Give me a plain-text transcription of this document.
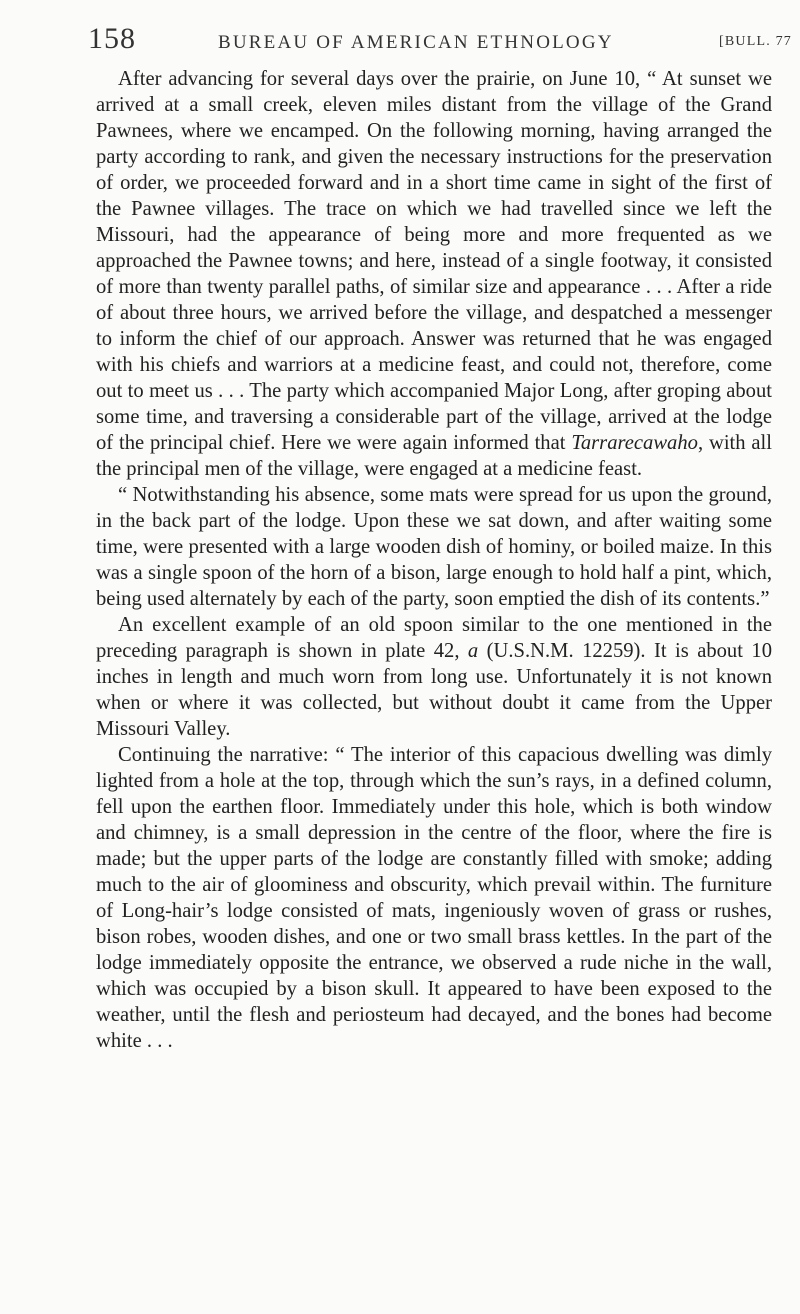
158	BUREAU OF AMERICAN ETHNOLOGY	[BULL. 77

After advancing for several days over the prairie, on June 10, “ At sunset we arrived at a small creek, eleven miles distant from the village of the Grand Pawnees, where we encamped. On the following morning, having arranged the party according to rank, and given the necessary instructions for the preservation of order, we proceeded forward and in a short time came in sight of the first of the Pawnee villages. The trace on which we had travelled since we left the Missouri, had the appearance of being more and more frequented as we approached the Pawnee towns; and here, instead of a single footway, it consisted of more than twenty parallel paths, of similar size and appearance . . . After a ride of about three hours, we arrived before the village, and despatched a messenger to inform the chief of our approach. Answer was returned that he was engaged with his chiefs and warriors at a medicine feast, and could not, therefore, come out to meet us . . . The party which accompanied Major Long, after groping about some time, and traversing a considerable part of the village, arrived at the lodge of the principal chief. Here we were again informed that Tarrarecawaho, with all the principal men of the village, were engaged at a medicine feast.

“ Notwithstanding his absence, some mats were spread for us upon the ground, in the back part of the lodge. Upon these we sat down, and after waiting some time, were presented with a large wooden dish of hominy, or boiled maize. In this was a single spoon of the horn of a bison, large enough to hold half a pint, which, being used alternately by each of the party, soon emptied the dish of its contents.”

An excellent example of an old spoon similar to the one mentioned in the preceding paragraph is shown in plate 42, a (U.S.N.M. 12259). It is about 10 inches in length and much worn from long use. Unfortunately it is not known when or where it was collected, but without doubt it came from the Upper Missouri Valley.

Continuing the narrative: “ The interior of this capacious dwelling was dimly lighted from a hole at the top, through which the sun’s rays, in a defined column, fell upon the earthen floor. Immediately under this hole, which is both window and chimney, is a small depression in the centre of the floor, where the fire is made; but the upper parts of the lodge are constantly filled with smoke; adding much to the air of gloominess and obscurity, which prevail within. The furniture of Long-hair’s lodge consisted of mats, ingeniously woven of grass or rushes, bison robes, wooden dishes, and one or two small brass kettles. In the part of the lodge immediately opposite the entrance, we observed a rude niche in the wall, which was occupied by a bison skull. It appeared to have been exposed to the weather, until the flesh and periosteum had decayed, and the bones had become white . . .
